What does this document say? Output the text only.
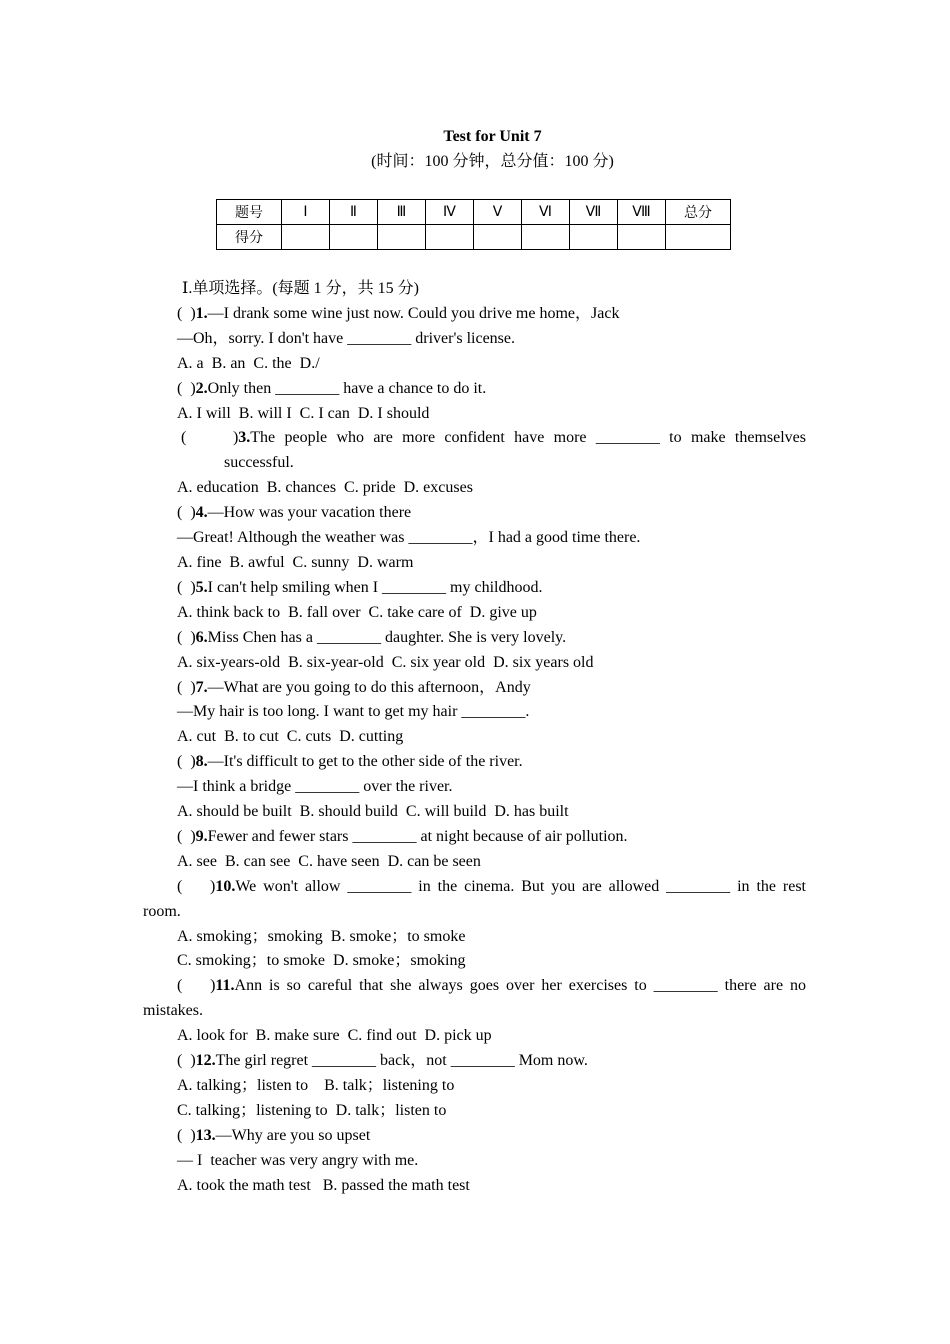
Test for Unit 7
(时间：100 分钟，总分值：100 分)
题号	Ⅰ	Ⅱ	Ⅲ	Ⅳ	Ⅴ	Ⅵ	Ⅶ	Ⅷ	总分
得分									

Ⅰ.单项选择。(每题 1 分，共 15 分)

( )1.—I drank some wine just now. Could you drive me home，Jack

—Oh，sorry. I don't have ________ driver's license.

A. a  B. an  C. the  D./

( )2.Only then ________ have a chance to do it.

A. I will  B. will I  C. I can  D. I should

(	)3.The people who are more confident have more ________ to make themselves

successful.

A. education  B. chances  C. pride  D. excuses

( )4.—How was your vacation there

—Great! Although the weather was ________，I had a good time there.

A. fine  B. awful  C. sunny  D. warm

( )5.I can't help smiling when I ________ my childhood.

A. think back to  B. fall over  C. take care of  D. give up

( )6.Miss Chen has a ________ daughter. She is very lovely.

A. six-years-old  B. six-year-old  C. six year old  D. six years old

( )7.—What are you going to do this afternoon，Andy

—My hair is too long. I want to get my hair ________.

A. cut  B. to cut  C. cuts  D. cutting

( )8.—It's difficult to get to the other side of the river.

—I think a bridge ________ over the river.

A. should be built  B. should build  C. will build  D. has built

( )9.Fewer and fewer stars ________ at night because of air pollution.

A. see  B. can see  C. have seen  D. can be seen

( )10.We won't allow ________ in the cinema. But you are allowed ________ in the rest

room.

A. smoking；smoking  B. smoke；to smoke

C. smoking；to smoke  D. smoke；smoking

( )11.Ann is so careful that she always goes over her exercises to ________ there are no

mistakes.

A. look for  B. make sure  C. find out  D. pick up

( )12.The girl regret ________ back，not ________ Mom now.

A. talking；listen to    B. talk；listening to

C. talking；listening to  D. talk；listen to

( )13.—Why are you so upset

— I  teacher was very angry with me.

A. took the math test   B. passed the math test
